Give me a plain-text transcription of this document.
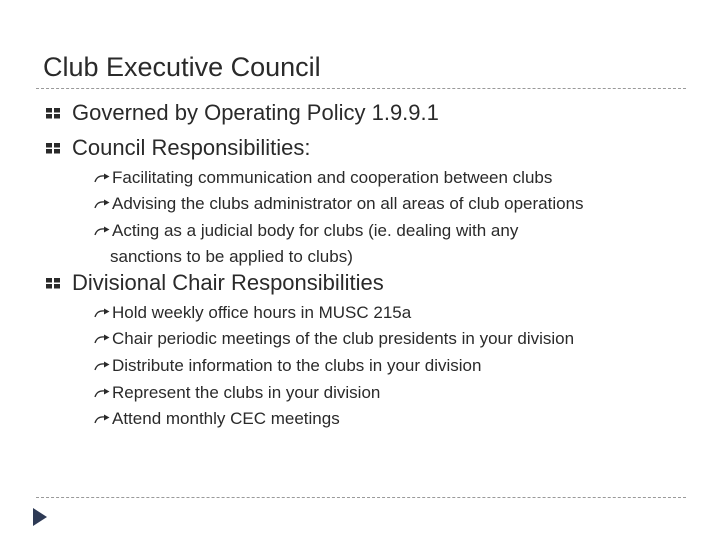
Club Executive Council
Governed by Operating Policy 1.9.9.1
Council Responsibilities:
Facilitating communication and cooperation between clubs
Advising the clubs administrator on all areas of club operations
Acting as a judicial body for clubs (ie. dealing with any
sanctions to be applied to clubs)
Divisional Chair Responsibilities
Hold weekly office hours in MUSC 215a
Chair periodic meetings of the club presidents in your division
Distribute information to the clubs in your division
Represent the clubs in your division
Attend monthly CEC meetings
